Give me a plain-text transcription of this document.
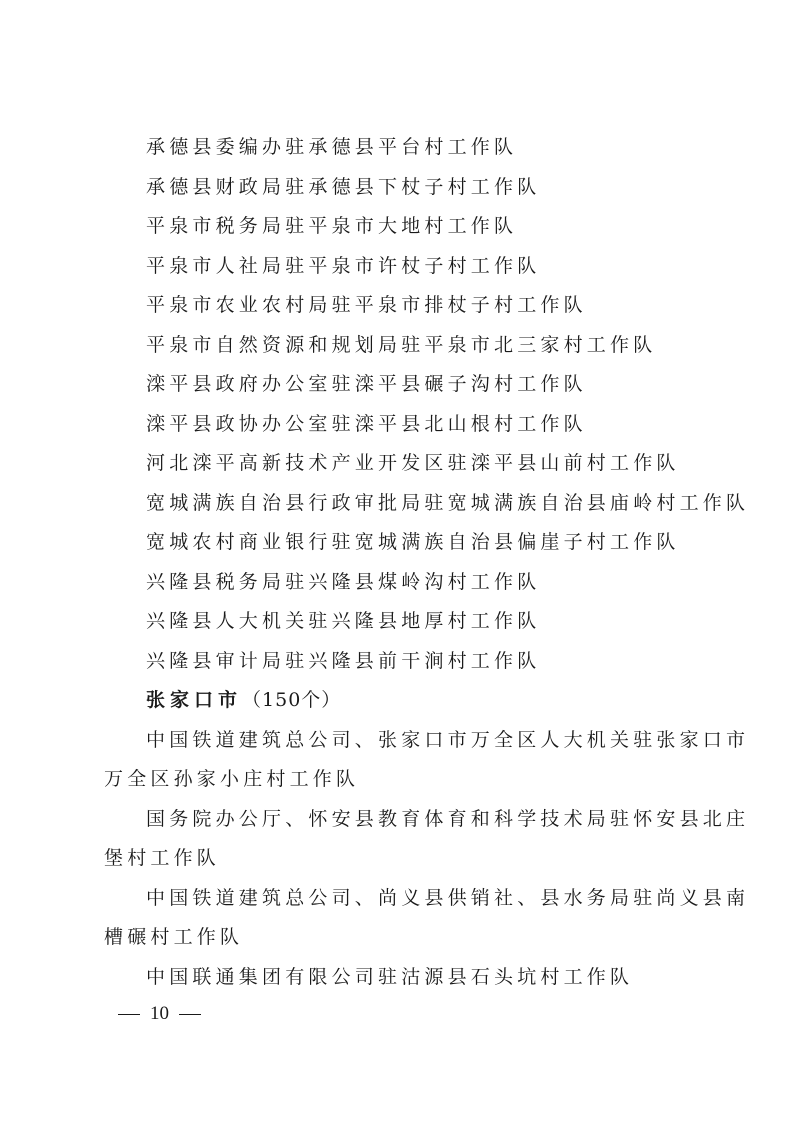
承德县委编办驻承德县平台村工作队
承德县财政局驻承德县下杖子村工作队
平泉市税务局驻平泉市大地村工作队
平泉市人社局驻平泉市许杖子村工作队
平泉市农业农村局驻平泉市排杖子村工作队
平泉市自然资源和规划局驻平泉市北三家村工作队
滦平县政府办公室驻滦平县碾子沟村工作队
滦平县政协办公室驻滦平县北山根村工作队
河北滦平高新技术产业开发区驻滦平县山前村工作队
宽城满族自治县行政审批局驻宽城满族自治县庙岭村工作队
宽城农村商业银行驻宽城满族自治县偏崖子村工作队
兴隆县税务局驻兴隆县煤岭沟村工作队
兴隆县人大机关驻兴隆县地厚村工作队
兴隆县审计局驻兴隆县前干涧村工作队
张家口市（150个）
中国铁道建筑总公司、张家口市万全区人大机关驻张家口市
万全区孙家小庄村工作队
国务院办公厅、怀安县教育体育和科学技术局驻怀安县北庄
堡村工作队
中国铁道建筑总公司、尚义县供销社、县水务局驻尚义县南
槽碾村工作队
中国联通集团有限公司驻沽源县石头坑村工作队
10
